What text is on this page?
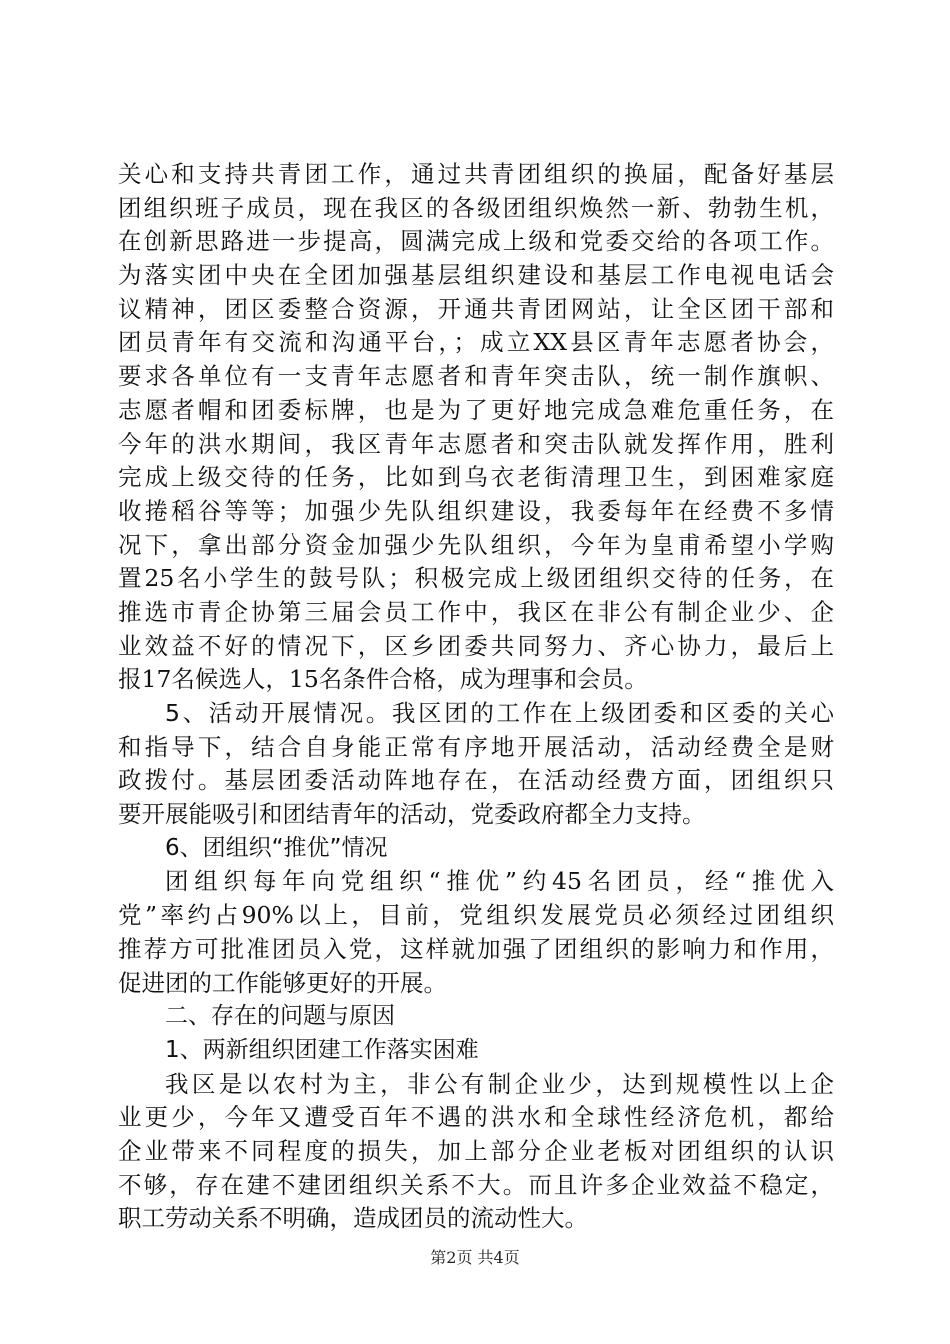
关心和支持共青团工作，通过共青团组织的换届，配备好基层
团组织班子成员，现在我区的各级团组织焕然一新、勃勃生机，
在创新思路进一步提高，圆满完成上级和党委交给的各项工作。
为落实团中央在全团加强基层组织建设和基层工作电视电话会
议精神，团区委整合资源，开通共青团网站，让全区团干部和
团员青年有交流和沟通平台，；成立XX县区青年志愿者协会，
要求各单位有一支青年志愿者和青年突击队，统一制作旗帜、
志愿者帽和团委标牌，也是为了更好地完成急难危重任务，在
今年的洪水期间，我区青年志愿者和突击队就发挥作用，胜利
完成上级交待的任务，比如到乌衣老街清理卫生，到困难家庭
收捲稻谷等等；加强少先队组织建设，我委每年在经费不多情
况下，拿出部分资金加强少先队组织，今年为皇甫希望小学购
置25名小学生的鼓号队；积极完成上级团组织交待的任务，在
推选市青企协第三届会员工作中，我区在非公有制企业少、企
业效益不好的情况下，区乡团委共同努力、齐心协力，最后上
报17名候选人，15名条件合格，成为理事和会员。
5、活动开展情况。我区团的工作在上级团委和区委的关心
和指导下，结合自身能正常有序地开展活动，活动经费全是财
政拨付。基层团委活动阵地存在，在活动经费方面，团组织只
要开展能吸引和团结青年的活动，党委政府都全力支持。
6、团组织“推优”情况
团组织每年向党组织“推优”约45名团员，经“推优入
党”率约占90%以上，目前，党组织发展党员必须经过团组织
推荐方可批准团员入党，这样就加强了团组织的影响力和作用，
促进团的工作能够更好的开展。
二、存在的问题与原因
1、两新组织团建工作落实困难
我区是以农村为主，非公有制企业少，达到规模性以上企
业更少，今年又遭受百年不遇的洪水和全球性经济危机，都给
企业带来不同程度的损失，加上部分企业老板对团组织的认识
不够，存在建不建团组织关系不大。而且许多企业效益不稳定，
职工劳动关系不明确，造成团员的流动性大。
第2页 共4页
